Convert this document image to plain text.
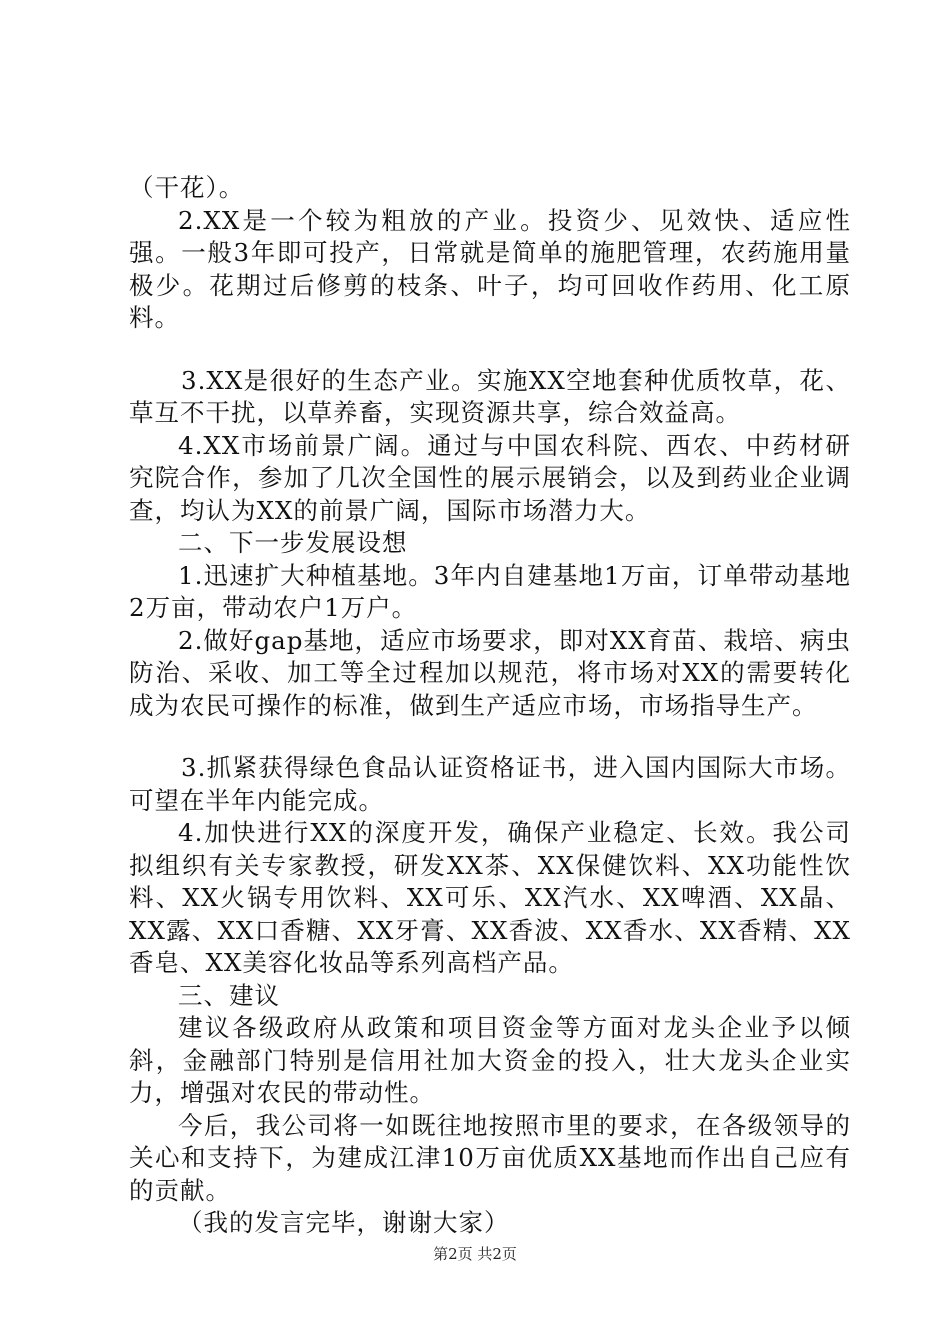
（干花）。

2.XX是一个较为粗放的产业。投资少、见效快、适应性强。一般3年即可投产，日常就是简单的施肥管理，农药施用量极少。花期过后修剪的枝条、叶子，均可回收作药用、化工原料。

3.XX是很好的生态产业。实施XX空地套种优质牧草，花、草互不干扰，以草养畜，实现资源共享，综合效益高。

4.XX市场前景广阔。通过与中国农科院、西农、中药材研究院合作，参加了几次全国性的展示展销会，以及到药业企业调查，均认为XX的前景广阔，国际市场潜力大。

二、下一步发展设想

1.迅速扩大种植基地。3年内自建基地1万亩，订单带动基地2万亩，带动农户1万户。

2.做好gap基地，适应市场要求，即对XX育苗、栽培、病虫防治、采收、加工等全过程加以规范，将市场对XX的需要转化成为农民可操作的标准，做到生产适应市场，市场指导生产。

3.抓紧获得绿色食品认证资格证书，进入国内国际大市场。可望在半年内能完成。

4.加快进行XX的深度开发，确保产业稳定、长效。我公司拟组织有关专家教授，研发XX茶、XX保健饮料、XX功能性饮料、XX火锅专用饮料、XX可乐、XX汽水、XX啤酒、XX晶、XX露、XX口香糖、XX牙膏、XX香波、XX香水、XX香精、XX香皂、XX美容化妆品等系列高档产品。

三、建议

建议各级政府从政策和项目资金等方面对龙头企业予以倾斜，金融部门特别是信用社加大资金的投入，壮大龙头企业实力，增强对农民的带动性。

今后，我公司将一如既往地按照市里的要求，在各级领导的关心和支持下，为建成江津10万亩优质XX基地而作出自己应有的贡献。

（我的发言完毕，谢谢大家）

第2页 共2页
